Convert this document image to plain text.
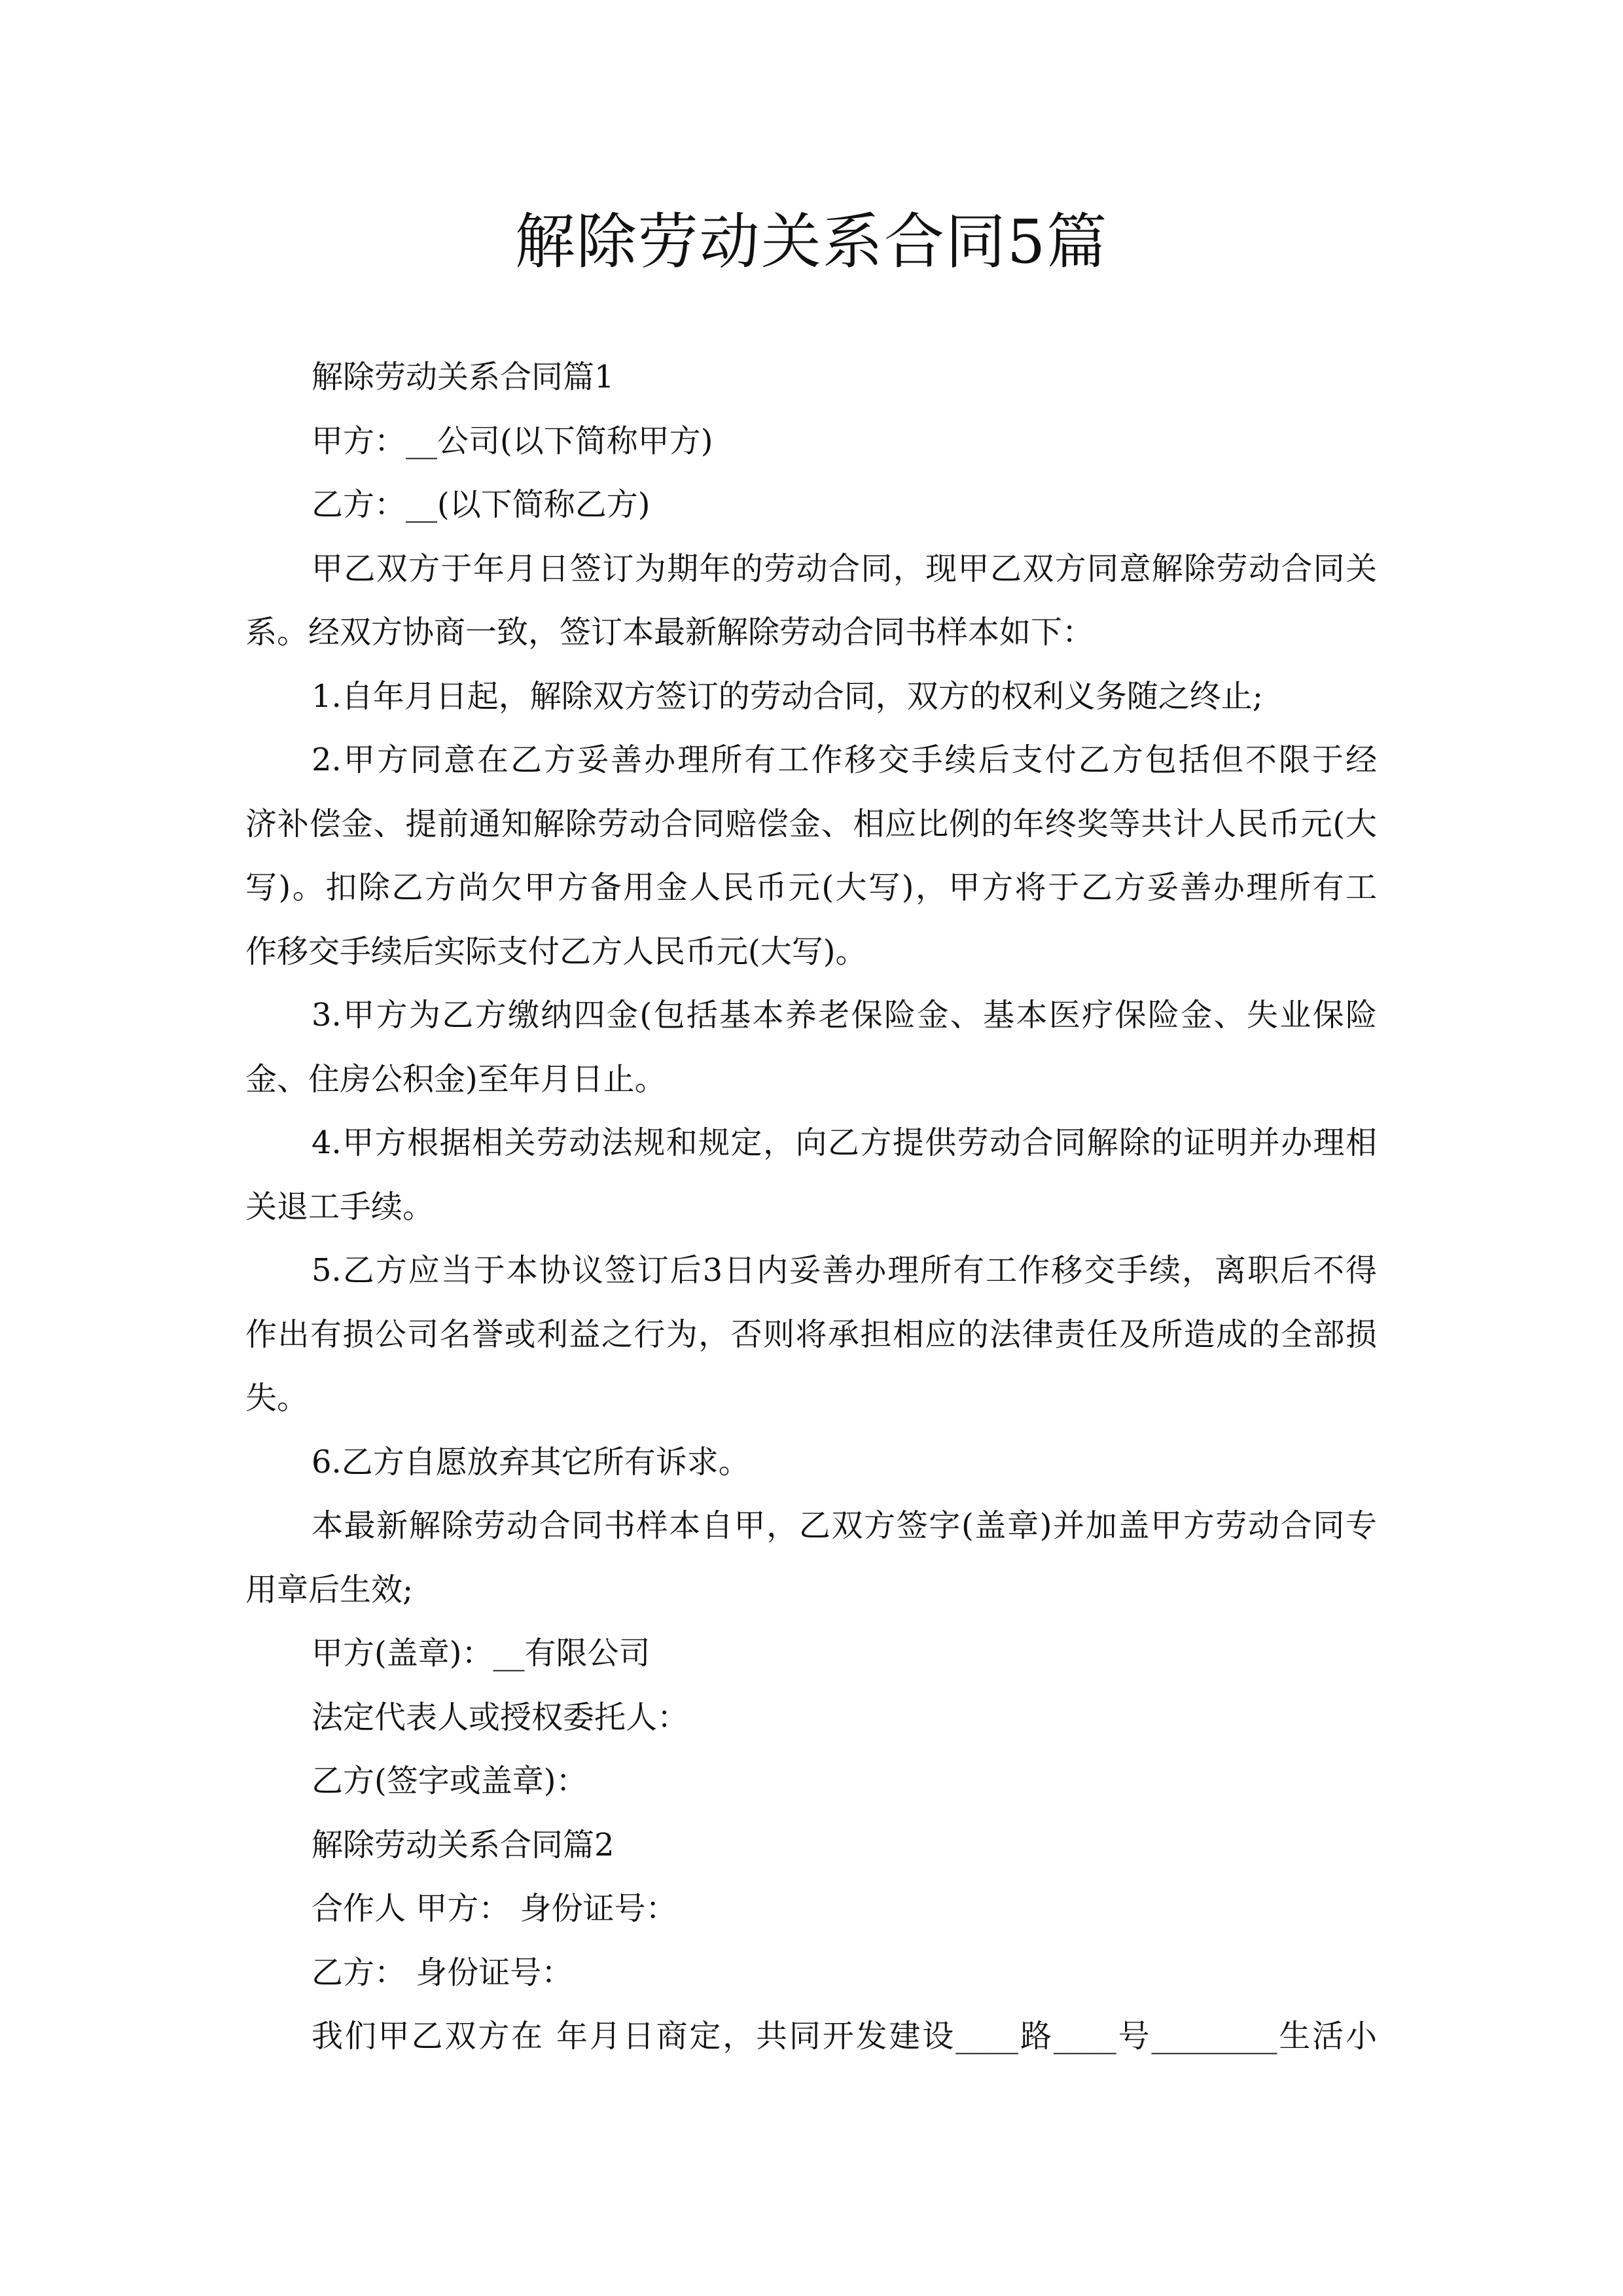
解除劳动关系合同5篇
解除劳动关系合同篇1
甲方：__公司(以下简称甲方)
乙方：__(以下简称乙方)
甲乙双方于年月日签订为期年的劳动合同，现甲乙双方同意解除劳动合同关
系。经双方协商一致，签订本最新解除劳动合同书样本如下：
1.自年月日起，解除双方签订的劳动合同，双方的权利义务随之终止;
2.甲方同意在乙方妥善办理所有工作移交手续后支付乙方包括但不限于经
济补偿金、提前通知解除劳动合同赔偿金、相应比例的年终奖等共计人民币元(大
写)。扣除乙方尚欠甲方备用金人民币元(大写)，甲方将于乙方妥善办理所有工
作移交手续后实际支付乙方人民币元(大写)。
3.甲方为乙方缴纳四金(包括基本养老保险金、基本医疗保险金、失业保险
金、住房公积金)至年月日止。
4.甲方根据相关劳动法规和规定，向乙方提供劳动合同解除的证明并办理相
关退工手续。
5.乙方应当于本协议签订后3日内妥善办理所有工作移交手续，离职后不得
作出有损公司名誉或利益之行为，否则将承担相应的法律责任及所造成的全部损
失。
6.乙方自愿放弃其它所有诉求。
本最新解除劳动合同书样本自甲，乙双方签字(盖章)并加盖甲方劳动合同专
用章后生效;
甲方(盖章)：__有限公司
法定代表人或授权委托人：
乙方(签字或盖章)：
解除劳动关系合同篇2
合作人 甲方： 身份证号：
乙方： 身份证号：
我们甲乙双方在 年月日商定，共同开发建设____路____号________生活小
